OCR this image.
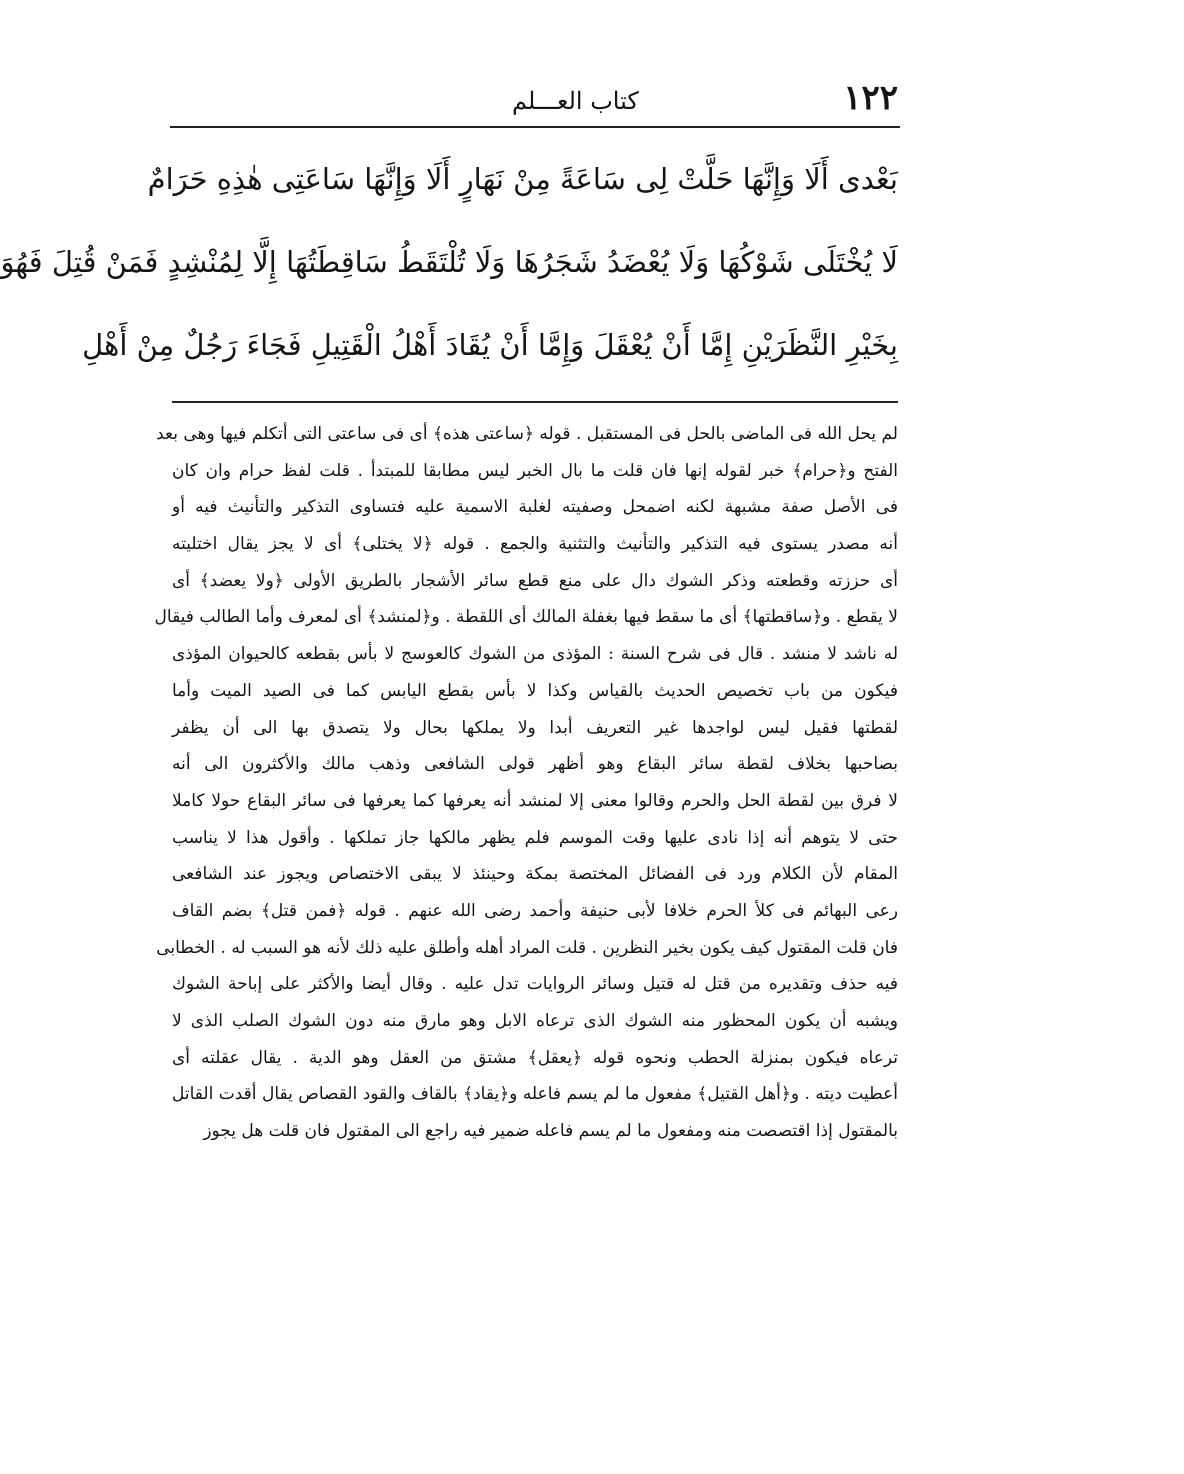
١٢٢
كتاب العـــلم
بَعْدى أَلَا وَإِنَّهَا حَلَّتْ لِى سَاعَةً مِنْ نَهَارٍ أَلَا وَإِنَّهَا سَاعَتِى هٰذِهِ حَرَامٌ
لَا يُخْتَلَى شَوْكُهَا وَلَا يُعْضَدُ شَجَرُهَا وَلَا تُلْتَقَطُ سَاقِطَتُهَا إِلَّا لِمُنْشِدٍ فَمَنْ قُتِلَ فَهُوَ
بِخَيْرِ النَّظَرَيْنِ إِمَّا أَنْ يُعْقَلَ وَإِمَّا أَنْ يُقَادَ أَهْلُ الْقَتِيلِ فَجَاءَ رَجُلٌ مِنْ أَهْلِ
لم يحل الله فى الماضى بالحل فى المستقبل . قوله ﴿ساعتى هذه﴾ أى فى ساعتى التى أتكلم فيها وهى بعد
الفتح و﴿حرام﴾ خبر لقوله إنها فان قلت ما بال الخبر ليس مطابقا للمبتدأ . قلت لفظ حرام وان كان
فى الأصل صفة مشبهة لكنه اضمحل وصفيته لغلبة الاسمية عليه فتساوى التذكير والتأنيث فيه أو
أنه مصدر يستوى فيه التذكير والتأنيث والتثنية والجمع . قوله ﴿لا يختلى﴾ أى لا يجز يقال اختليته
أى حززته وقطعته وذكر الشوك دال على منع قطع سائر الأشجار بالطريق الأولى ﴿ولا يعضد﴾ أى
لا يقطع . و﴿ساقطتها﴾ أى ما سقط فيها بغفلة المالك أى اللقطة . و﴿لمنشد﴾ أى لمعرف وأما الطالب فيقال
له ناشد لا منشد . قال فى شرح السنة : المؤذى من الشوك كالعوسج لا بأس بقطعه كالحيوان المؤذى
فيكون من باب تخصيص الحديث بالقياس وكذا لا بأس بقطع اليابس كما فى الصيد الميت وأما
لقطتها فقيل ليس لواجدها غير التعريف أبدا ولا يملكها بحال ولا يتصدق بها الى أن يظفر
بصاحبها بخلاف لقطة سائر البقاع وهو أظهر قولى الشافعى وذهب مالك والأكثرون الى أنه
لا فرق بين لقطة الحل والحرم وقالوا معنى إلا لمنشد أنه يعرفها كما يعرفها فى سائر البقاع حولا كاملا
حتى لا يتوهم أنه إذا نادى عليها وقت الموسم فلم يظهر مالكها جاز تملكها . وأقول هذا لا يناسب
المقام لأن الكلام ورد فى الفضائل المختصة بمكة وحينئذ لا يبقى الاختصاص ويجوز عند الشافعى
رعى البهائم فى كلأ الحرم خلافا لأبى حنيفة وأحمد رضى الله عنهم . قوله ﴿فمن قتل﴾ بضم القاف
فان قلت المقتول كيف يكون بخير النظرين . قلت المراد أهله وأطلق عليه ذلك لأنه هو السبب له . الخطابى
فيه حذف وتقديره من قتل له قتيل وسائر الروايات تدل عليه . وقال أيضا والأكثر على إباحة الشوك
ويشبه أن يكون المحظور منه الشوك الذى ترعاه الابل وهو مارق منه دون الشوك الصلب الذى لا
ترعاه فيكون بمنزلة الحطب ونحوه قوله ﴿يعقل﴾ مشتق من العقل وهو الدية . يقال عقلته أى
أعطيت ديته . و﴿أهل القتيل﴾ مفعول ما لم يسم فاعله و﴿يقاد﴾ بالقاف والقود القصاص يقال أقدت القاتل
بالمقتول إذا اقتصصت منه ومفعول ما لم يسم فاعله ضمير فيه راجع الى المقتول فان قلت هل يجوز
